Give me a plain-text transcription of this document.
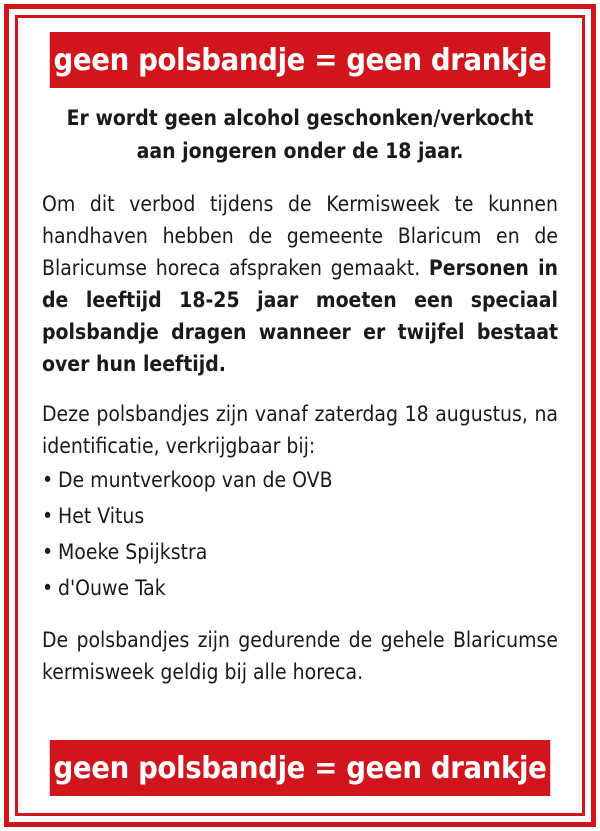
geen polsbandje = geen drankje

Er wordt geen alcohol geschonken/verkocht
aan jongeren onder de 18 jaar.

Om dit verbod tijdens de Kermisweek te kunnen handhaven hebben de gemeente Blaricum en de Blaricumse horeca afspraken gemaakt. Personen in de leeftijd 18-25 jaar moeten een speciaal polsbandje dragen wanneer er twijfel bestaat over hun leeftijd.

Deze polsbandjes zijn vanaf zaterdag 18 augustus, na identificatie, verkrijgbaar bij:

• De muntverkoop van de OVB
• Het Vitus
• Moeke Spijkstra
• d'Ouwe Tak

De polsbandjes zijn gedurende de gehele Blaricumse kermisweek geldig bij alle horeca.

geen polsbandje = geen drankje
